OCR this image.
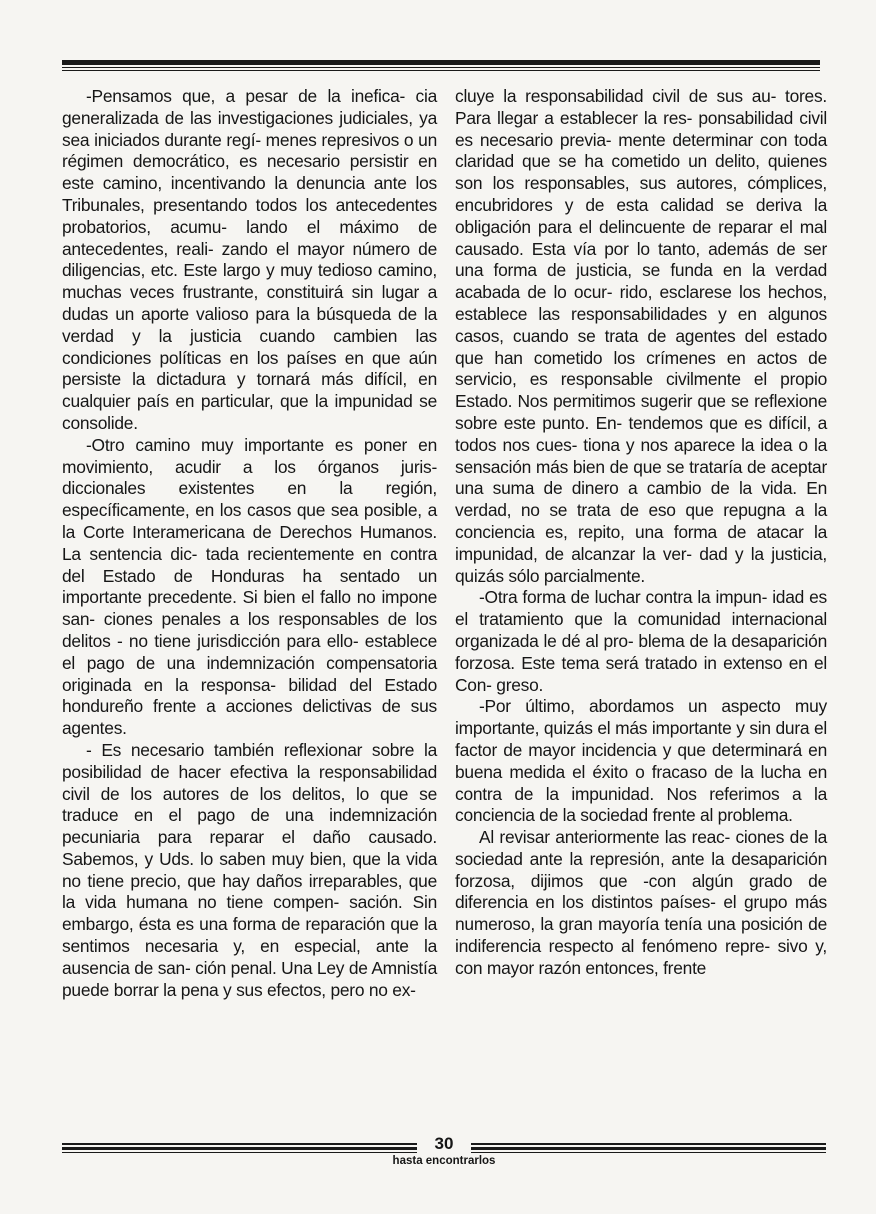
-Pensamos que, a pesar de la inefica- cia generalizada de las investigaciones judiciales, ya sea iniciados durante regí- menes represivos o un régimen democrático, es necesario persistir en este camino, incentivando la denuncia ante los Tribunales, presentando todos los antecedentes probatorios, acumu- lando el máximo de antecedentes, reali- zando el mayor número de diligencias, etc. Este largo y muy tedioso camino, muchas veces frustrante, constituirá sin lugar a dudas un aporte valioso para la búsqueda de la verdad y la justicia cuando cambien las condiciones políticas en los países en que aún persiste la dictadura y tornará más difícil, en cualquier país en particular, que la impunidad se consolide.

-Otro camino muy importante es poner en movimiento, acudir a los órganos juris- diccionales existentes en la región, específicamente, en los casos que sea posible, a la Corte Interamericana de Derechos Humanos. La sentencia dic- tada recientemente en contra del Estado de Honduras ha sentado un importante precedente. Si bien el fallo no impone san- ciones penales a los responsables de los delitos - no tiene jurisdicción para ello- establece el pago de una indemnización compensatoria originada en la responsa- bilidad del Estado hondureño frente a acciones delictivas de sus agentes.

- Es necesario también reflexionar sobre la posibilidad de hacer efectiva la responsabilidad civil de los autores de los delitos, lo que se traduce en el pago de una indemnización pecuniaria para reparar el daño causado. Sabemos, y Uds. lo saben muy bien, que la vida no tiene precio, que hay daños irreparables, que la vida humana no tiene compen- sación. Sin embargo, ésta es una forma de reparación que la sentimos necesaria y, en especial, ante la ausencia de san- ción penal. Una Ley de Amnistía puede borrar la pena y sus efectos, pero no ex-

cluye la responsabilidad civil de sus au- tores. Para llegar a establecer la res- ponsabilidad civil es necesario previa- mente determinar con toda claridad que se ha cometido un delito, quienes son los responsables, sus autores, cómplices, encubridores y de esta calidad se deriva la obligación para el delincuente de reparar el mal causado. Esta vía por lo tanto, además de ser una forma de justicia, se funda en la verdad acabada de lo ocur- rido, esclarese los hechos, establece las responsabilidades y en algunos casos, cuando se trata de agentes del estado que han cometido los crímenes en actos de servicio, es responsable civilmente el propio Estado. Nos permitimos sugerir que se reflexione sobre este punto. En- tendemos que es difícil, a todos nos cues- tiona y nos aparece la idea o la sensación más bien de que se trataría de aceptar una suma de dinero a cambio de la vida. En verdad, no se trata de eso que repugna a la conciencia es, repito, una forma de atacar la impunidad, de alcanzar la ver- dad y la justicia, quizás sólo parcialmente.

-Otra forma de luchar contra la impun- idad es el tratamiento que la comunidad internacional organizada le dé al pro- blema de la desaparición forzosa. Este tema será tratado in extenso en el Con- greso.

-Por último, abordamos un aspecto muy importante, quizás el más importante y sin dura el factor de mayor incidencia y que determinará en buena medida el éxito o fracaso de la lucha en contra de la impunidad. Nos referimos a la conciencia de la sociedad frente al problema.

Al revisar anteriormente las reac- ciones de la sociedad ante la represión, ante la desaparición forzosa, dijimos que -con algún grado de diferencia en los distintos países- el grupo más numeroso, la gran mayoría tenía una posición de indiferencia respecto al fenómeno repre- sivo y, con mayor razón entonces, frente

30
hasta encontrarlos
